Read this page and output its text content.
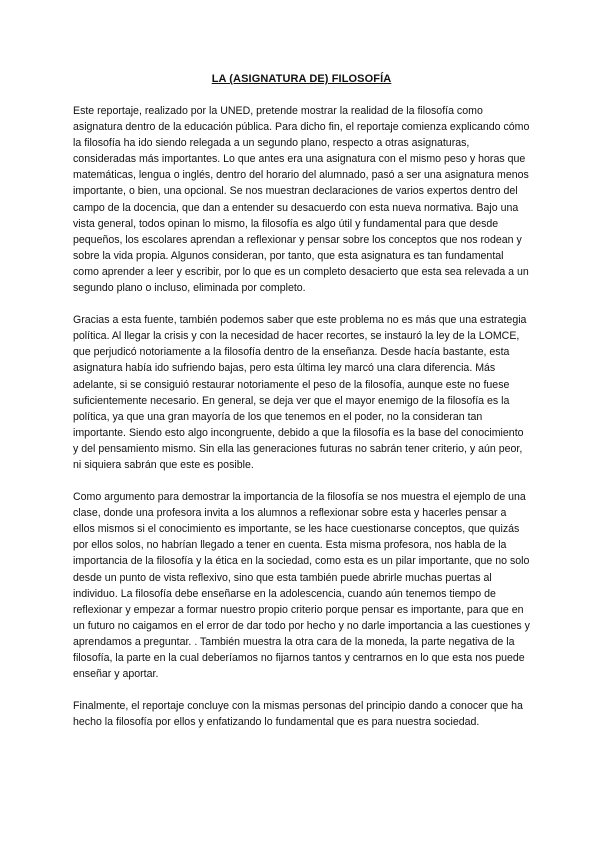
LA (ASIGNATURA DE) FILOSOFÍA

Este reportaje, realizado por la UNED, pretende mostrar la realidad de la filosofía como asignatura dentro de la educación pública. Para dicho fin, el reportaje comienza explicando cómo la filosofía ha ido siendo relegada a un segundo plano, respecto a otras asignaturas, consideradas más importantes. Lo que antes era una asignatura con el mismo peso y horas que matemáticas, lengua o inglés, dentro del horario del alumnado, pasó a ser una asignatura menos importante, o bien, una opcional. Se nos muestran declaraciones de varios expertos dentro del campo de la docencia, que dan a entender su desacuerdo con esta nueva normativa. Bajo una vista general, todos opinan lo mismo, la filosofía es algo útil y fundamental para que desde pequeños, los escolares aprendan a reflexionar y pensar sobre los conceptos que nos rodean y sobre la vida propia. Algunos consideran, por tanto, que esta asignatura es tan fundamental como aprender a leer y escribir, por lo que es un completo desacierto que esta sea relevada a un segundo plano o incluso, eliminada por completo.

Gracias a esta fuente, también podemos saber que este problema no es más que una estrategia política. Al llegar la crisis y con la necesidad de hacer recortes, se instauró la ley de la LOMCE, que perjudicó notoriamente a la filosofía dentro de la enseñanza. Desde hacía bastante, esta asignatura había ido sufriendo bajas, pero esta última ley marcó una clara diferencia. Más adelante, si se consiguió restaurar notoriamente el peso de la filosofía, aunque este no fuese suficientemente necesario. En general, se deja ver que el mayor enemigo de la filosofía es la política, ya que una gran mayoría de los que tenemos en el poder, no la consideran tan importante. Siendo esto algo incongruente, debido a que la filosofía es la base del conocimiento y del pensamiento mismo. Sin ella las generaciones futuras no sabrán tener criterio, y aún peor, ni siquiera sabrán que este es posible.

Como argumento para demostrar la importancia de la filosofía se nos muestra el ejemplo de una clase, donde una profesora invita a los alumnos a reflexionar sobre esta y hacerles pensar a ellos mismos si el conocimiento es importante, se les hace cuestionarse conceptos, que quizás por ellos solos, no habrían llegado a tener en cuenta. Esta misma profesora, nos habla de la importancia de la filosofía y la ética en la sociedad, como esta es un pilar importante, que no solo desde un punto de vista reflexivo, sino que esta también puede abrirle muchas puertas al individuo. La filosofía debe enseñarse en la adolescencia, cuando aún tenemos tiempo de reflexionar y empezar a formar nuestro propio criterio porque pensar es importante, para que en un futuro no caigamos en el error de dar todo por hecho y no darle importancia a las cuestiones y aprendamos a preguntar. . También muestra la otra cara de la moneda, la parte negativa de la filosofía, la parte en la cual deberíamos no fijarnos tantos y centrarnos en lo que esta nos puede enseñar y aportar.

Finalmente, el reportaje concluye con la mismas personas del principio dando a conocer que ha hecho la filosofía por ellos y enfatizando lo fundamental que es para nuestra sociedad.
